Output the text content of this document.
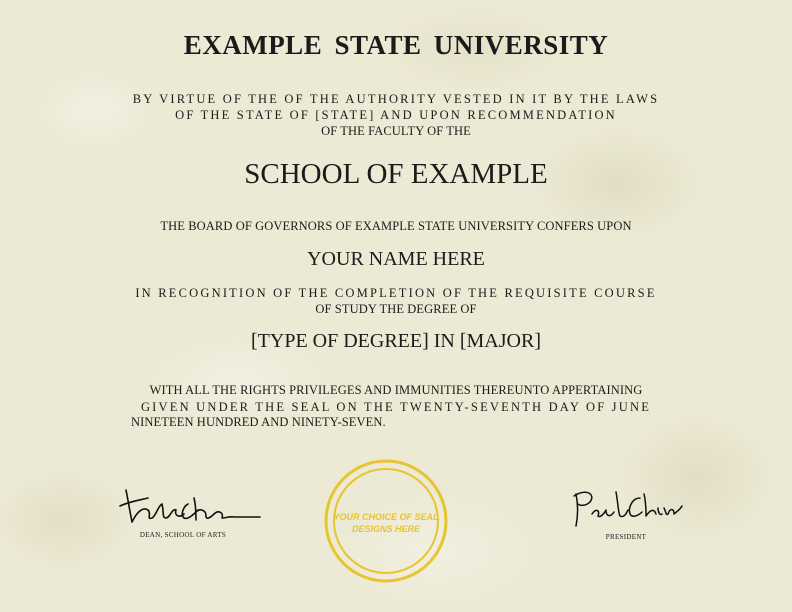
EXAMPLE STATE UNIVERSITY

BY VIRTUE OF THE OF THE AUTHORITY VESTED IN IT BY THE LAWS

OF THE STATE OF [STATE] AND UPON RECOMMENDATION

OF THE FACULTY OF THE

SCHOOL OF EXAMPLE

THE BOARD OF GOVERNORS OF EXAMPLE STATE UNIVERSITY CONFERS UPON

YOUR NAME HERE

IN RECOGNITION OF THE COMPLETION OF THE REQUISITE COURSE

OF STUDY THE DEGREE OF

[TYPE OF DEGREE] IN [MAJOR]

WITH ALL THE RIGHTS PRIVILEGES AND IMMUNITIES THEREUNTO APPERTAINING

GIVEN UNDER THE SEAL ON THE TWENTY-SEVENTH DAY OF JUNE

NINETEEN HUNDRED AND NINETY-SEVEN.

DEAN, SCHOOL OF ARTS
YOUR CHOICE OF SEAL
DESIGNS HERE
PRESIDENT
